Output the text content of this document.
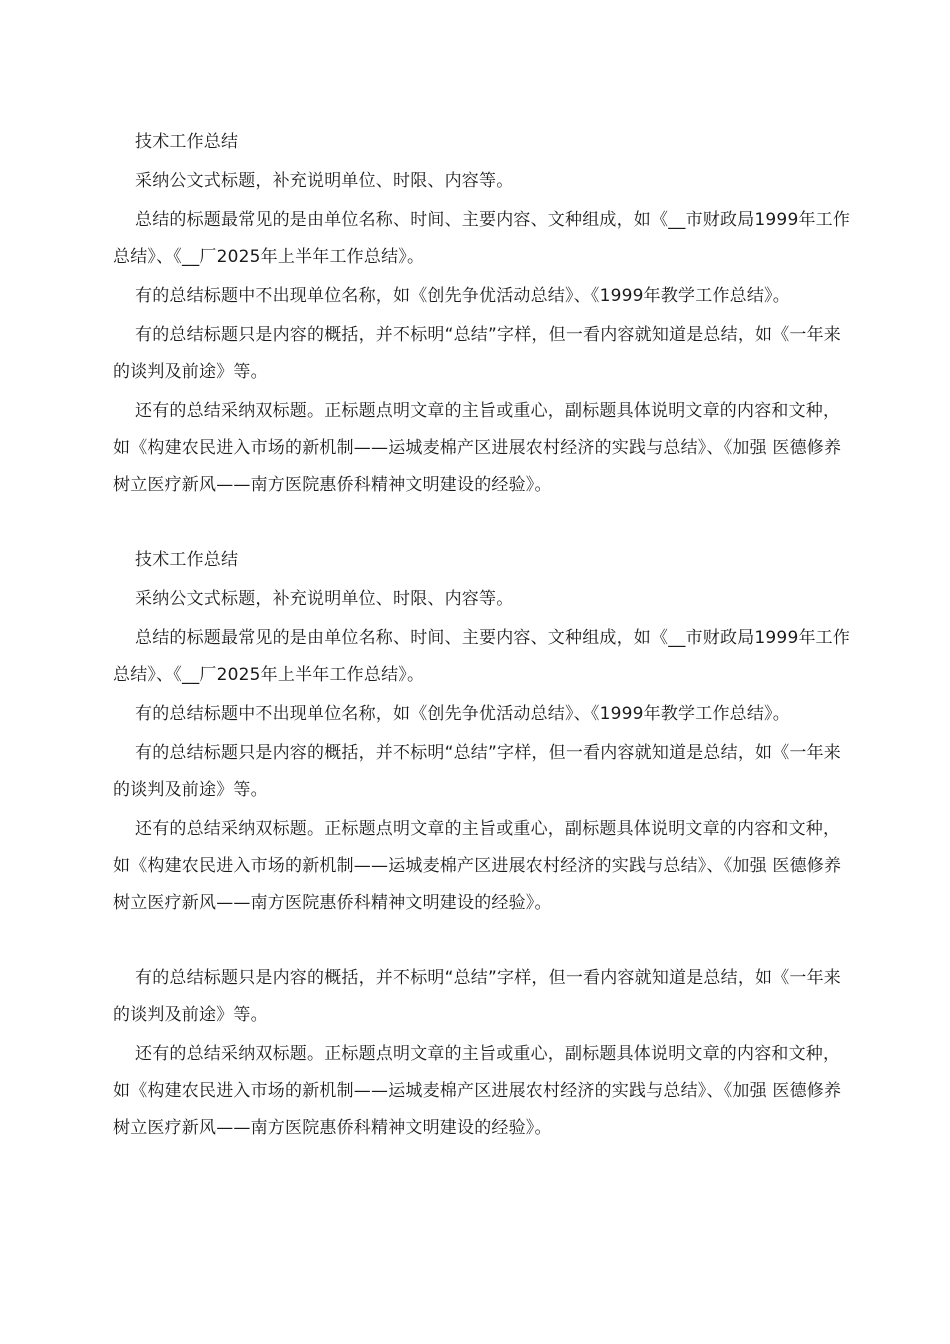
技术工作总结

采纳公文式标题，补充说明单位、时限、内容等。

总结的标题最常见的是由单位名称、时间、主要内容、文种组成，如《__市财政局1999年工作总结》、《__厂2025年上半年工作总结》。

有的总结标题中不出现单位名称，如《创先争优活动总结》、《1999年教学工作总结》。

有的总结标题只是内容的概括，并不标明“总结”字样，但一看内容就知道是总结，如《一年来的谈判及前途》等。

还有的总结采纳双标题。正标题点明文章的主旨或重心，副标题具体说明文章的内容和文种，如《构建农民进入市场的新机制——运城麦棉产区进展农村经济的实践与总结》、《加强 医德修养树立医疗新风——南方医院惠侨科精神文明建设的经验》。

技术工作总结

采纳公文式标题，补充说明单位、时限、内容等。

总结的标题最常见的是由单位名称、时间、主要内容、文种组成，如《__市财政局1999年工作总结》、《__厂2025年上半年工作总结》。

有的总结标题中不出现单位名称，如《创先争优活动总结》、《1999年教学工作总结》。

有的总结标题只是内容的概括，并不标明“总结”字样，但一看内容就知道是总结，如《一年来的谈判及前途》等。

还有的总结采纳双标题。正标题点明文章的主旨或重心，副标题具体说明文章的内容和文种，如《构建农民进入市场的新机制——运城麦棉产区进展农村经济的实践与总结》、《加强 医德修养树立医疗新风——南方医院惠侨科精神文明建设的经验》。

有的总结标题只是内容的概括，并不标明“总结”字样，但一看内容就知道是总结，如《一年来的谈判及前途》等。

还有的总结采纳双标题。正标题点明文章的主旨或重心，副标题具体说明文章的内容和文种，如《构建农民进入市场的新机制——运城麦棉产区进展农村经济的实践与总结》、《加强 医德修养树立医疗新风——南方医院惠侨科精神文明建设的经验》。
